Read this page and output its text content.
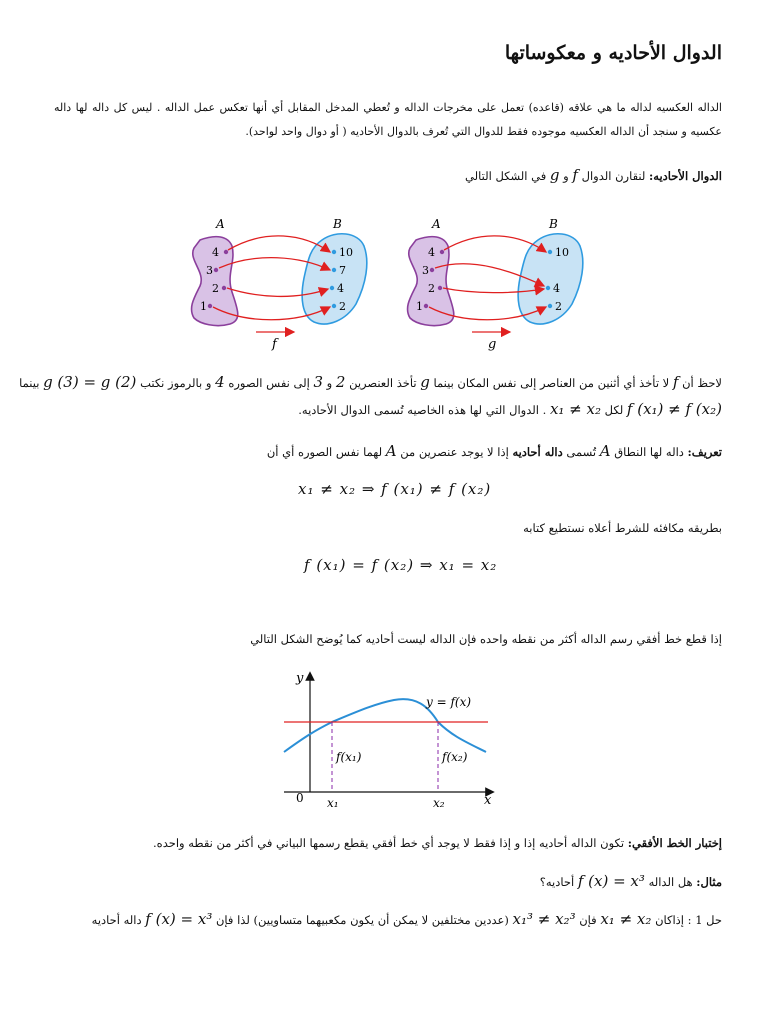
الدوال الأحاديه و معكوساتها
الداله العكسيه لداله ما هي علاقه (قاعده) تعمل على مخرجات الداله و تُعطي المدخل المقابل أي أنها تعكس عمل الداله . ليس كل داله لها داله عكسيه و سنجد أن الداله العكسيه موجوده فقط للدوال التي تُعرف بالدوال الأحاديه ( أو دوال واحد لواحد).
الدوال الأحاديه: لنقارن الدوال f و g في الشكل التالي
A	B
4
3
2
1
10
7
4
2
f
A	B
4
3
2
1
10
4
2
g
لاحظ أن f لا تأخذ أي أثنين من العناصر إلى نفس المكان بينما g تأخذ العنصرين 2 و 3 إلى نفس الصوره 4 و بالرموز نكتب g (3) = g (2) بينما
f (x₁) ≠ f (x₂) لكل x₁ ≠ x₂ . الدوال التي لها هذه الخاصيه تُسمى الدوال الأحاديه.
تعريف: داله لها النطاق A تُسمى داله أحاديه إذا لا يوجد عنصرين من A لهما نفس الصوره أي أن
x₁ ≠ x₂ ⇒ f (x₁) ≠ f (x₂)
بطريقه مكافئه للشرط أعلاه نستطيع كتابه
f (x₁) = f (x₂) ⇒ x₁ = x₂
إذا قطع خط أفقي رسم الداله أكثر من نقطه واحده فإن الداله ليست أحاديه كما يُوضح الشكل التالي
y
x
0
y = f(x)
f(x₁)	f(x₂)
x₁	x₂
إختبار الخط الأفقي: تكون الداله أحاديه إذا و إذا فقط لا يوجد أي خط أفقي يقطع رسمها البياني في أكثر من نقطه واحده.
مثال: هل الداله f (x) = x³ أحاديه؟
حل 1 : إذاكان x₁ ≠ x₂ فإن x₁³ ≠ x₂³ (عددين مختلفين لا يمكن أن يكون مكعبيهما متساويين) لذا فإن f (x) = x³ داله أحاديه
